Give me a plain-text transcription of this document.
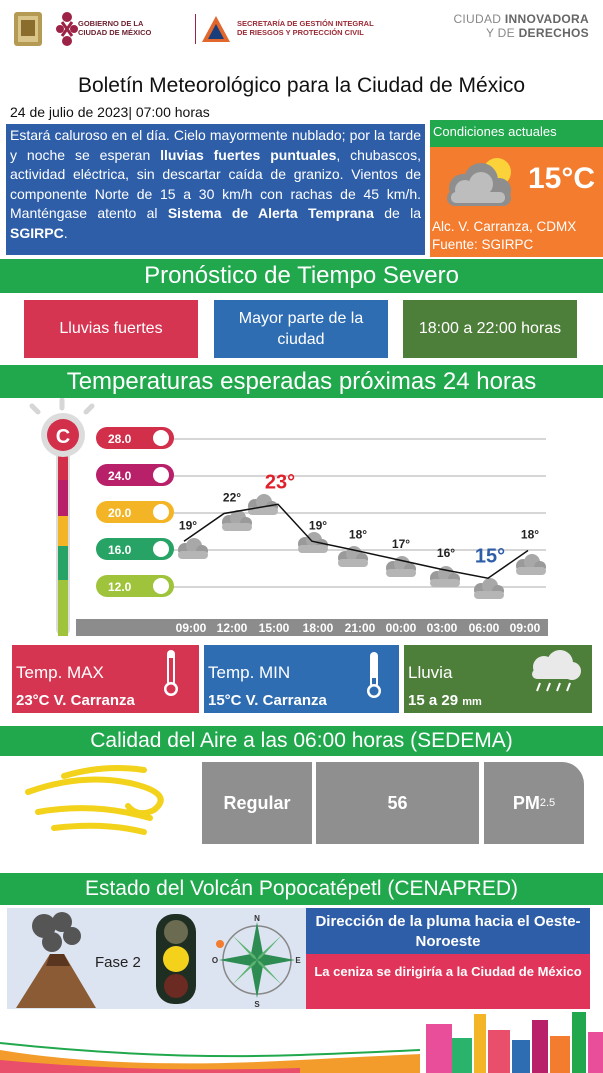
GOBIERNO DE LA
CIUDAD DE MÉXICO
SECRETARÍA DE GESTIÓN INTEGRAL
DE RIESGOS Y PROTECCIÓN CIVIL
CIUDAD INNOVADORA
Y DE DERECHOS
Boletín Meteorológico para la Ciudad de México
24 de julio de 2023| 07:00 horas
Estará caluroso en el día. Cielo mayormente nublado; por la tarde y noche se esperan lluvias fuertes puntuales, chubascos, actividad eléctrica, sin descartar caída de granizo. Vientos de componente Norte de 15 a 30 km/h con rachas de 45 km/h. Manténgase atento al Sistema de Alerta Temprana de la SGIRPC.
Condiciones actuales
15°C
Alc. V. Carranza, CDMX
Fuente: SGIRPC
Pronóstico de Tiempo Severo
Lluvias fuertes
Mayor parte de la ciudad
18:00 a 22:00 horas
Temperaturas esperadas próximas 24 horas
C	28.0
24.0
20.0
16.0
12.0
19°
22°
23°
19°
18°
17°
16° 15°
18°
09:00 12:00 15:00 18:00 21:00 00:00 03:00 06:00 09:00
Temp. MAX
23°C V. Carranza
Temp. MIN
15°C V. Carranza
Lluvia
15 a 29 mm
Calidad del Aire a las 06:00 horas (SEDEMA)
Regular	56	PM 2.5
Estado del Volcán Popocatépetl (CENAPRED)
Fase 2
N
S
E
O
Dirección de la pluma hacia el Oeste-Noroeste
La ceniza se dirigiría a la Ciudad de México
